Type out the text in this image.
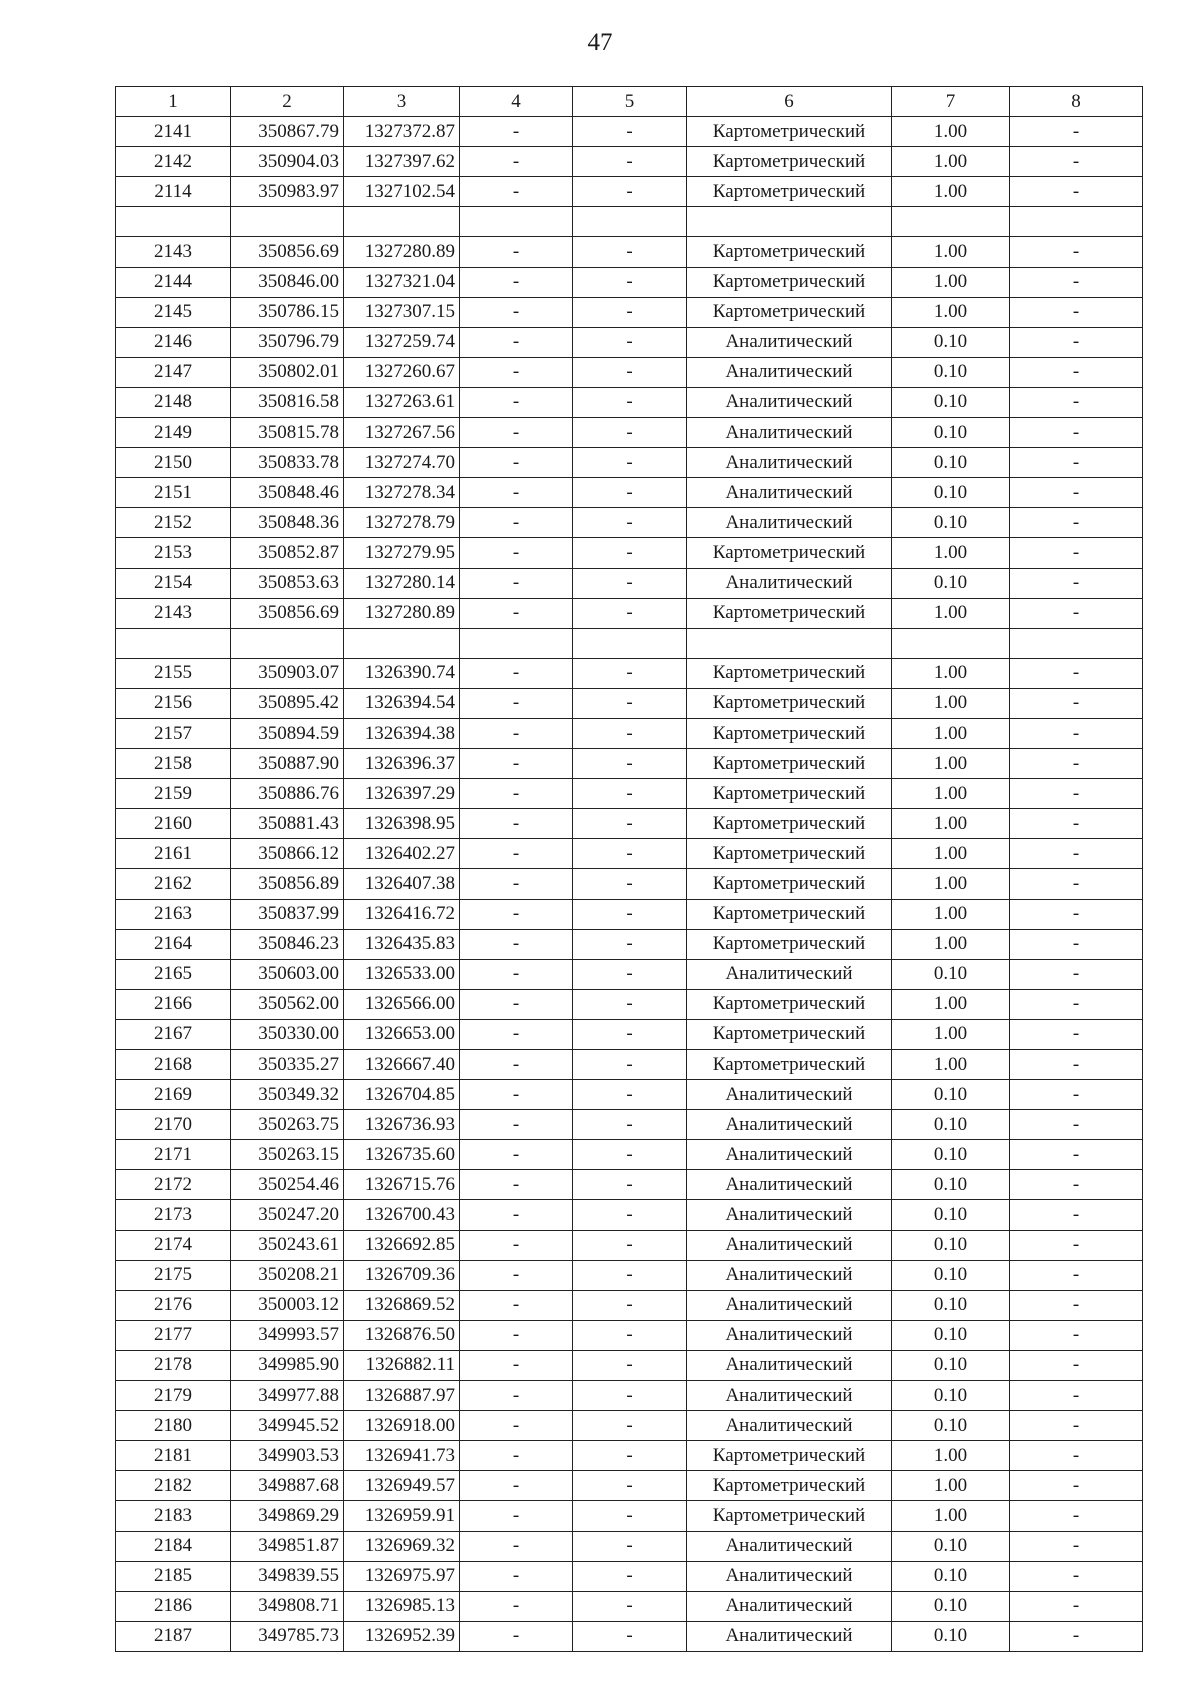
47
1	2	3	4	5	6	7	8
2141	350867.79	1327372.87	-	-	Картометрический	1.00	-
2142	350904.03	1327397.62	-	-	Картометрический	1.00	-
2114	350983.97	1327102.54	-	-	Картометрический	1.00	-

2143	350856.69	1327280.89	-	-	Картометрический	1.00	-
2144	350846.00	1327321.04	-	-	Картометрический	1.00	-
2145	350786.15	1327307.15	-	-	Картометрический	1.00	-
2146	350796.79	1327259.74	-	-	Аналитический	0.10	-
2147	350802.01	1327260.67	-	-	Аналитический	0.10	-
2148	350816.58	1327263.61	-	-	Аналитический	0.10	-
2149	350815.78	1327267.56	-	-	Аналитический	0.10	-
2150	350833.78	1327274.70	-	-	Аналитический	0.10	-
2151	350848.46	1327278.34	-	-	Аналитический	0.10	-
2152	350848.36	1327278.79	-	-	Аналитический	0.10	-
2153	350852.87	1327279.95	-	-	Картометрический	1.00	-
2154	350853.63	1327280.14	-	-	Аналитический	0.10	-
2143	350856.69	1327280.89	-	-	Картометрический	1.00	-

2155	350903.07	1326390.74	-	-	Картометрический	1.00	-
2156	350895.42	1326394.54	-	-	Картометрический	1.00	-
2157	350894.59	1326394.38	-	-	Картометрический	1.00	-
2158	350887.90	1326396.37	-	-	Картометрический	1.00	-
2159	350886.76	1326397.29	-	-	Картометрический	1.00	-
2160	350881.43	1326398.95	-	-	Картометрический	1.00	-
2161	350866.12	1326402.27	-	-	Картометрический	1.00	-
2162	350856.89	1326407.38	-	-	Картометрический	1.00	-
2163	350837.99	1326416.72	-	-	Картометрический	1.00	-
2164	350846.23	1326435.83	-	-	Картометрический	1.00	-
2165	350603.00	1326533.00	-	-	Аналитический	0.10	-
2166	350562.00	1326566.00	-	-	Картометрический	1.00	-
2167	350330.00	1326653.00	-	-	Картометрический	1.00	-
2168	350335.27	1326667.40	-	-	Картометрический	1.00	-
2169	350349.32	1326704.85	-	-	Аналитический	0.10	-
2170	350263.75	1326736.93	-	-	Аналитический	0.10	-
2171	350263.15	1326735.60	-	-	Аналитический	0.10	-
2172	350254.46	1326715.76	-	-	Аналитический	0.10	-
2173	350247.20	1326700.43	-	-	Аналитический	0.10	-
2174	350243.61	1326692.85	-	-	Аналитический	0.10	-
2175	350208.21	1326709.36	-	-	Аналитический	0.10	-
2176	350003.12	1326869.52	-	-	Аналитический	0.10	-
2177	349993.57	1326876.50	-	-	Аналитический	0.10	-
2178	349985.90	1326882.11	-	-	Аналитический	0.10	-
2179	349977.88	1326887.97	-	-	Аналитический	0.10	-
2180	349945.52	1326918.00	-	-	Аналитический	0.10	-
2181	349903.53	1326941.73	-	-	Картометрический	1.00	-
2182	349887.68	1326949.57	-	-	Картометрический	1.00	-
2183	349869.29	1326959.91	-	-	Картометрический	1.00	-
2184	349851.87	1326969.32	-	-	Аналитический	0.10	-
2185	349839.55	1326975.97	-	-	Аналитический	0.10	-
2186	349808.71	1326985.13	-	-	Аналитический	0.10	-
2187	349785.73	1326952.39	-	-	Аналитический	0.10	-
